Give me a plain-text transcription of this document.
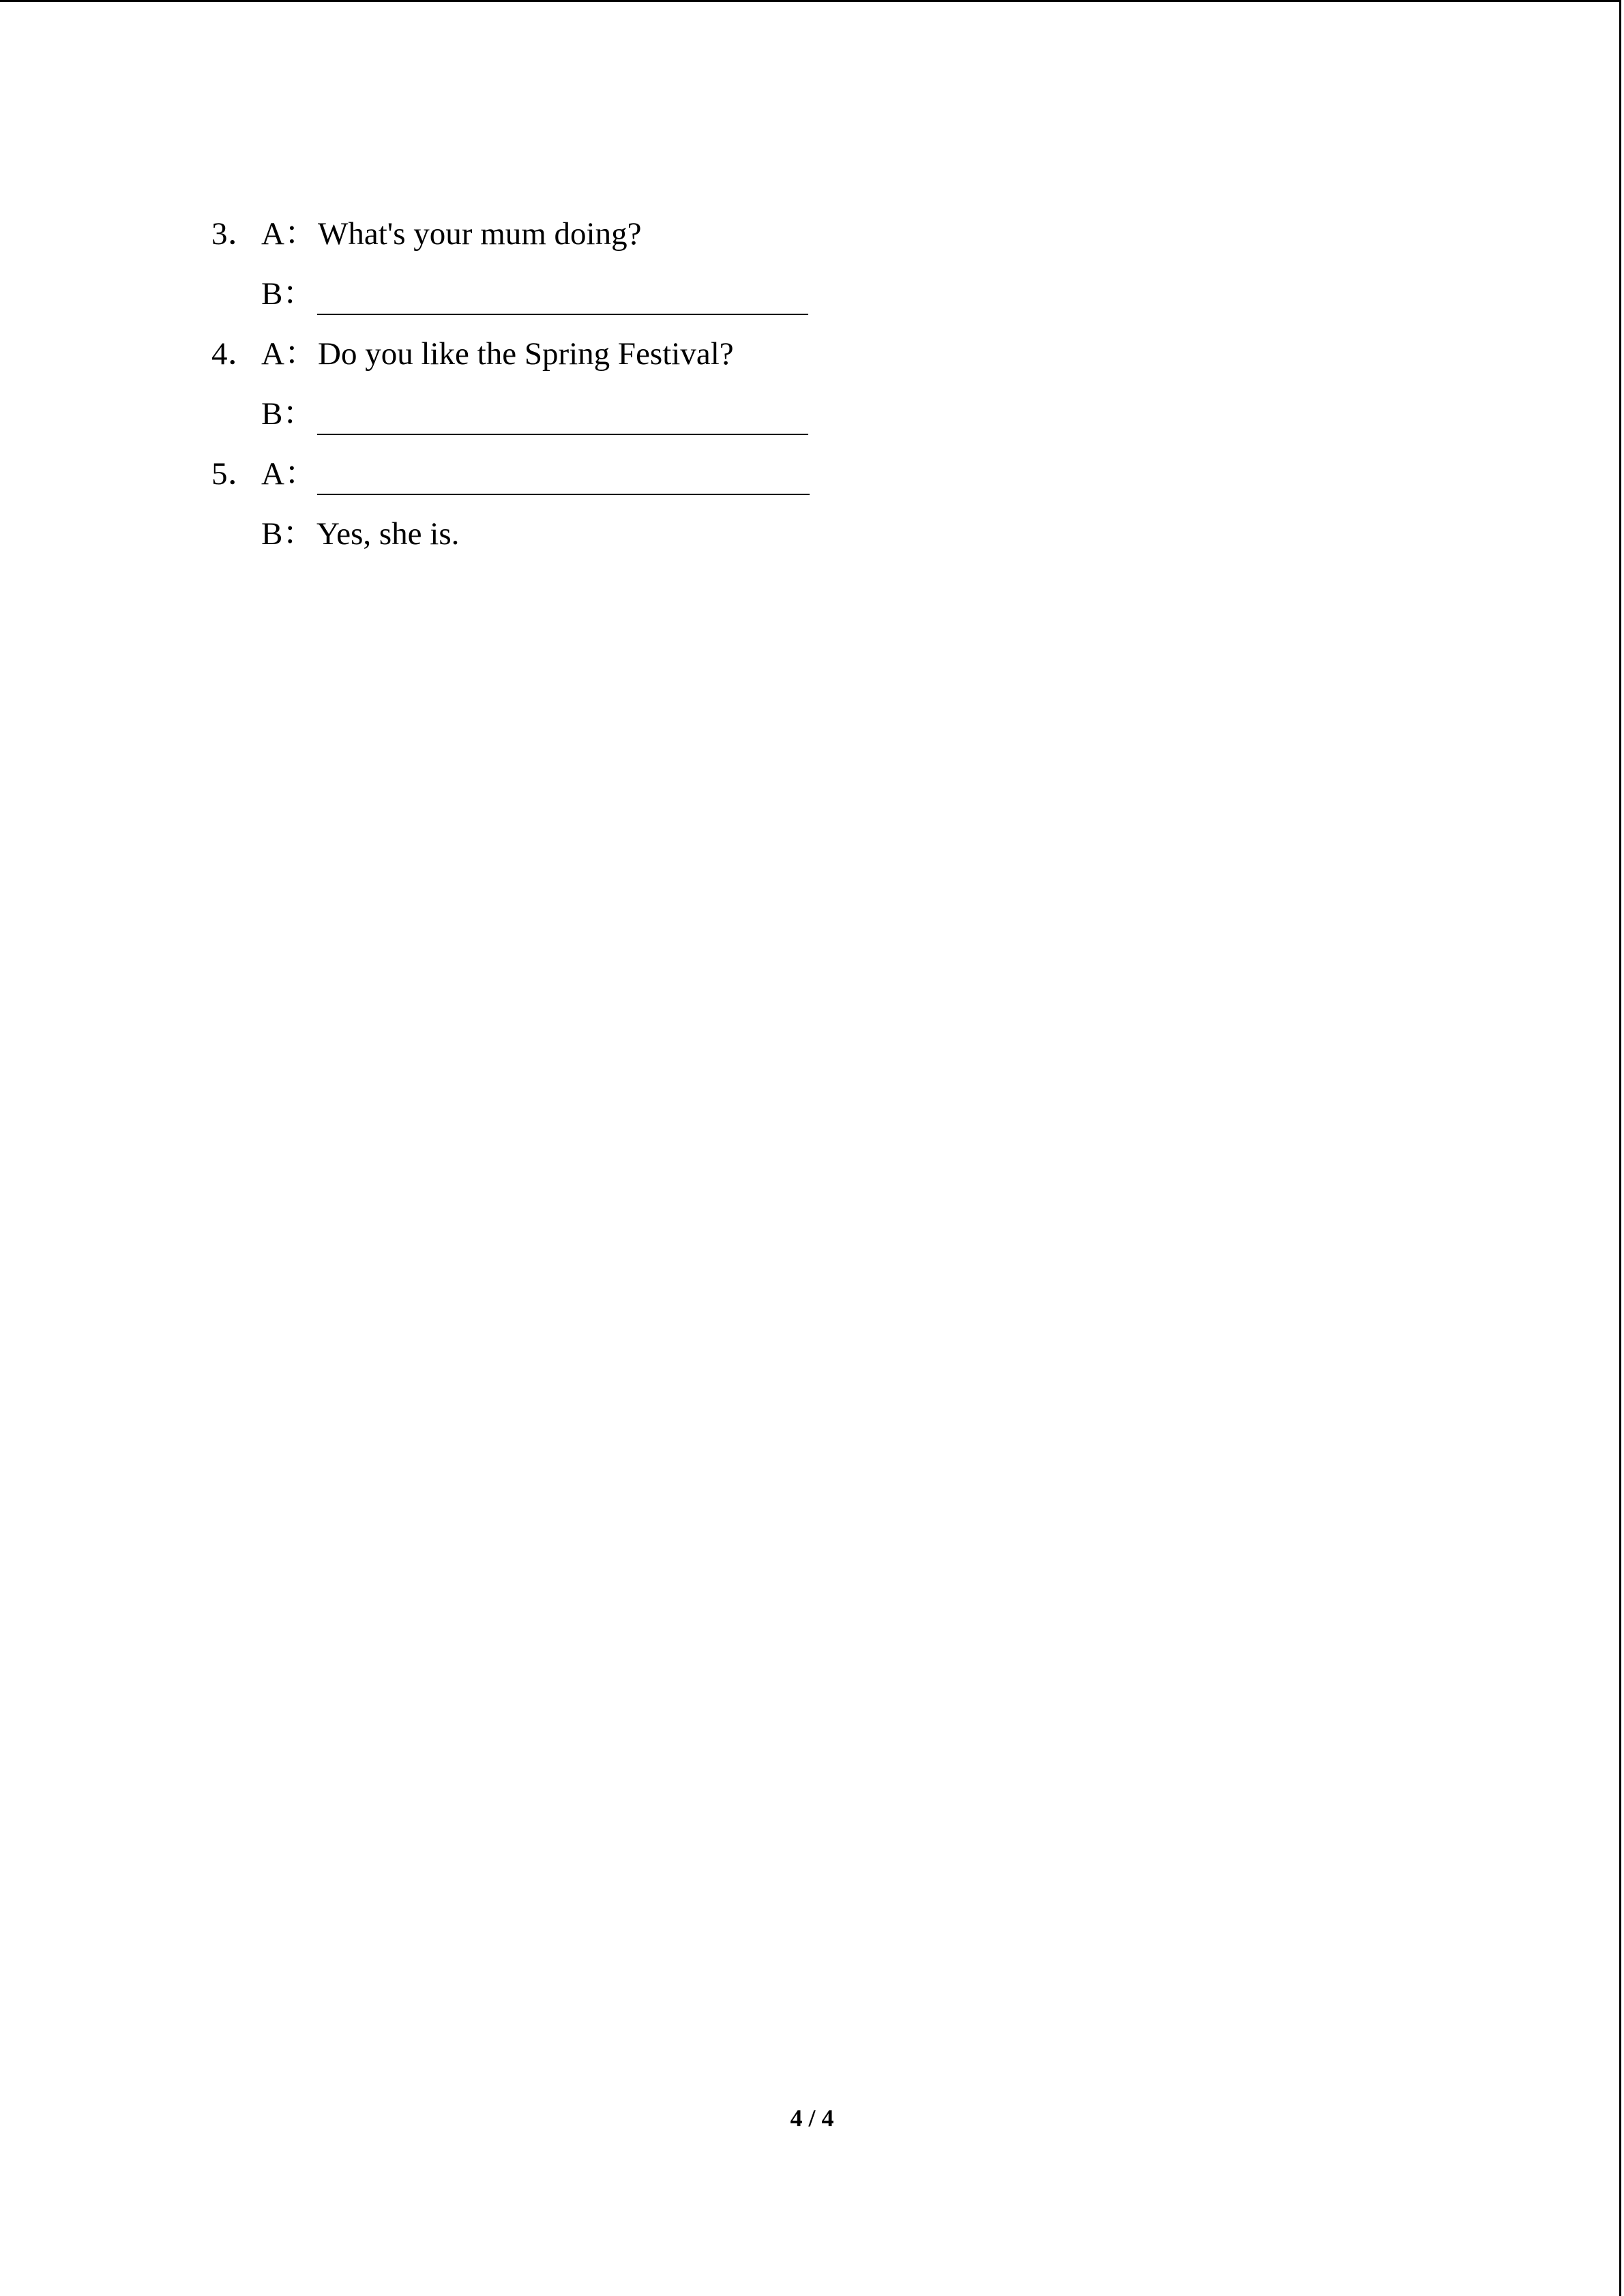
3． A： What's your mum doing?
B：
4． A： Do you like the Spring Festival?
B：
5． A：
B： Yes, she is.
4 / 4
